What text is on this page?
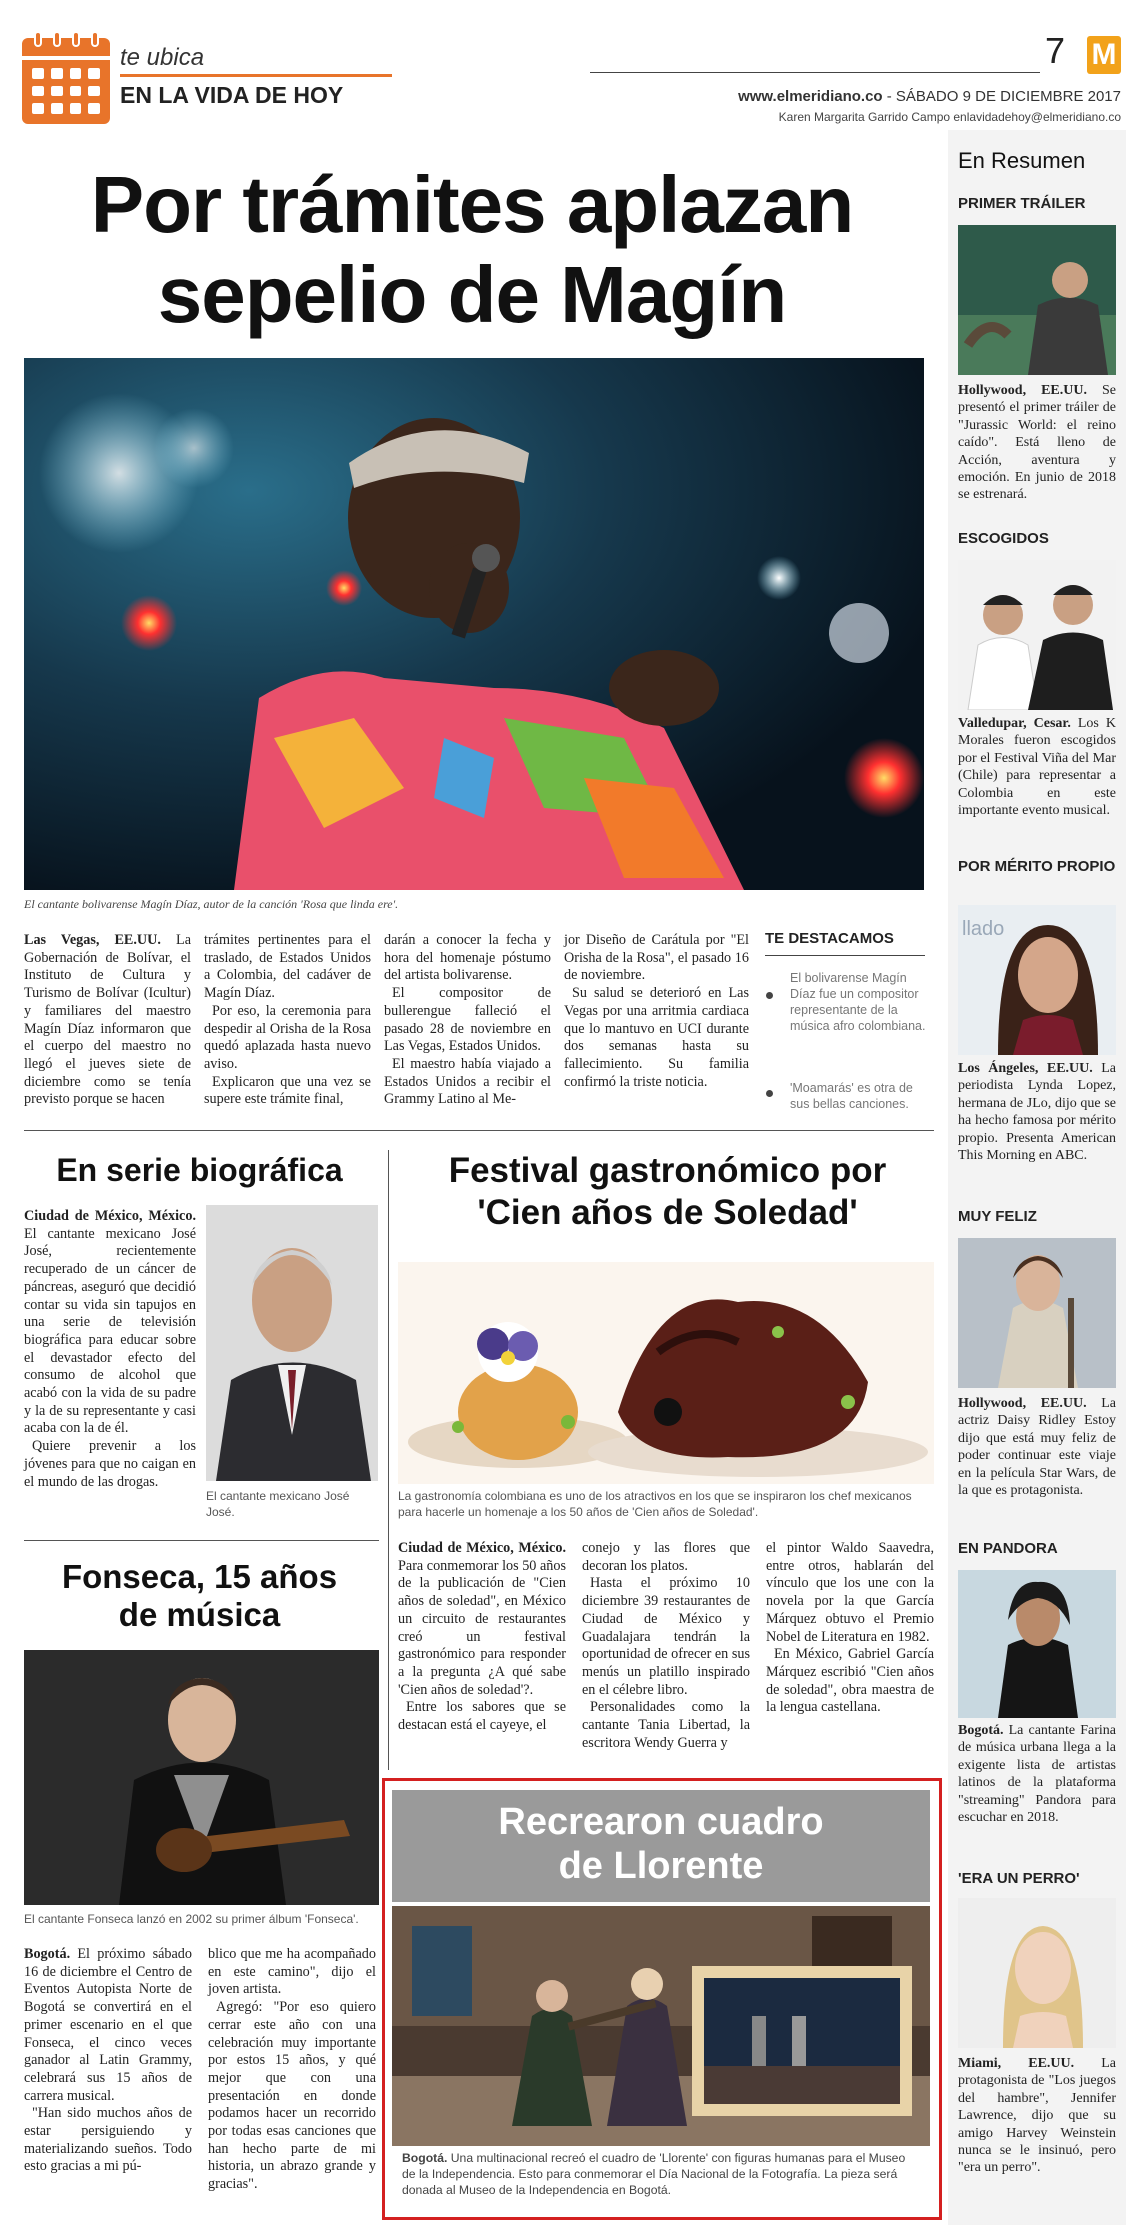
te ubica
EN LA VIDA DE HOY
7 M
www.elmeridiano.co - SÁBADO 9 DE DICIEMBRE 2017
Karen Margarita Garrido Campo enlavidadehoy@elmeridiano.co
Por trámites aplazan
sepelio de Magín
El cantante bolivarense Magín Díaz, autor de la canción 'Rosa que linda ere'.

Las Vegas, EE.UU. La Gobernación de Bolívar, el Instituto de Cultura y Turismo de Bolívar (Icultur) y familiares del maestro Magín Díaz informaron que el cuerpo del maestro no llegó el jueves siete de diciembre como se tenía previsto porque se hacen

trámites pertinentes para el traslado, de Estados Unidos a Colombia, del cadáver de Magín Díaz.

Por eso, la ceremonia para despedir al Orisha de la Rosa quedó aplazada hasta nuevo aviso.

Explicaron que una vez se supere este trámite final,

darán a conocer la fecha y hora del homenaje póstumo del artista bolivarense.

El compositor de bullerengue falleció el pasado 28 de noviembre en Las Vegas, Estados Unidos.

El maestro había viajado a Estados Unidos a recibir el Grammy Latino al Me-

jor Diseño de Carátula por "El Orisha de la Rosa", el pasado 16 de noviembre.

Su salud se deterioró en Las Vegas por una arritmia cardiaca que lo mantuvo en UCI durante dos semanas hasta su fallecimiento. Su familia confirmó la triste noticia.

TE DESTACAMOS
El bolivarense Magín Díaz fue un compositor representante de la música afro colombiana.
'Moamarás' es otra de sus bellas canciones.
En serie biográfica

Ciudad de México, México. El cantante mexicano José José, recientemente recuperado de un cáncer de páncreas, aseguró que decidió contar su vida sin tapujos en una serie de televisión biográfica para educar sobre el devastador efecto del consumo de alcohol que acabó con la vida de su padre y la de su representante y casi acaba con la de él.

Quiere prevenir a los jóvenes para que no caigan en el mundo de las drogas.

El cantante mexicano José José.
Festival gastronómico por
'Cien años de Soledad'
La gastronomía colombiana es uno de los atractivos en los que se inspiraron los chef mexicanos para hacerle un homenaje a los 50 años de 'Cien años de Soledad'.

Ciudad de México, México. Para conmemorar los 50 años de la publicación de "Cien años de soledad", en México un circuito de restaurantes creó un festival gastronómico para responder a la pregunta ¿A qué sabe 'Cien años de soledad'?.

Entre los sabores que se destacan está el cayeye, el

conejo y las flores que decoran los platos.

Hasta el próximo 10 diciembre 39 restaurantes de Ciudad de México y Guadalajara tendrán la oportunidad de ofrecer en sus menús un platillo inspirado en el célebre libro.

Personalidades como la cantante Tania Libertad, la escritora Wendy Guerra y

el pintor Waldo Saavedra, entre otros, hablarán del vínculo que los une con la novela por la que García Márquez obtuvo el Premio Nobel de Literatura en 1982.

En México, Gabriel García Márquez escribió "Cien años de soledad", obra maestra de la lengua castellana.

Fonseca, 15 años
de música
El cantante Fonseca lanzó en 2002 su primer álbum 'Fonseca'.

Bogotá. El próximo sábado 16 de diciembre el Centro de Eventos Autopista Norte de Bogotá se convertirá en el primer escenario en el que Fonseca, el cinco veces ganador al Latin Grammy, celebrará sus 15 años de carrera musical.

"Han sido muchos años de estar persiguiendo y materializando sueños. Todo esto gracias a mi pú-

blico que me ha acompañado en este camino", dijo el joven artista.

Agregó: "Por eso quiero cerrar este año con una celebración muy importante por estos 15 años, y qué mejor que con una presentación en donde podamos hacer un recorrido por todas esas canciones que han hecho parte de mi historia, un abrazo grande y gracias".

Recrearon cuadro
de Llorente
Bogotá. Una multinacional recreó el cuadro de 'Llorente' con figuras humanas para el Museo de la Independencia. Esto para conmemorar el Día Nacional de la Fotografía. La pieza será donada al Museo de la Independencia en Bogotá.
En Resumen
PRIMER TRÁILER
Hollywood, EE.UU. Se presentó el primer tráiler de "Jurassic World: el reino caído". Está lleno de Acción, aventura y emoción. En junio de 2018 se estrenará.
ESCOGIDOS
Valledupar, Cesar. Los K Morales fueron escogidos por el Festival Viña del Mar (Chile) para representar a Colombia en este importante evento musical.
POR MÉRITO PROPIO
llado
Los Ángeles, EE.UU. La periodista Lynda Lopez, hermana de JLo, dijo que se ha hecho famosa por mérito propio. Presenta American This Morning en ABC.
MUY FELIZ
Hollywood, EE.UU. La actriz Daisy Ridley Estoy dijo que está muy feliz de poder continuar este viaje en la película Star Wars, de la que es protagonista.
EN PANDORA
Bogotá. La cantante Farina de música urbana llega a la exigente lista de artistas latinos de la plataforma "streaming" Pandora para escuchar en 2018.
'ERA UN PERRO'
Miami, EE.UU. La protagonista de "Los juegos del hambre", Jennifer Lawrence, dijo que su amigo Harvey Weinstein nunca se le insinuó, pero "era un perro".
